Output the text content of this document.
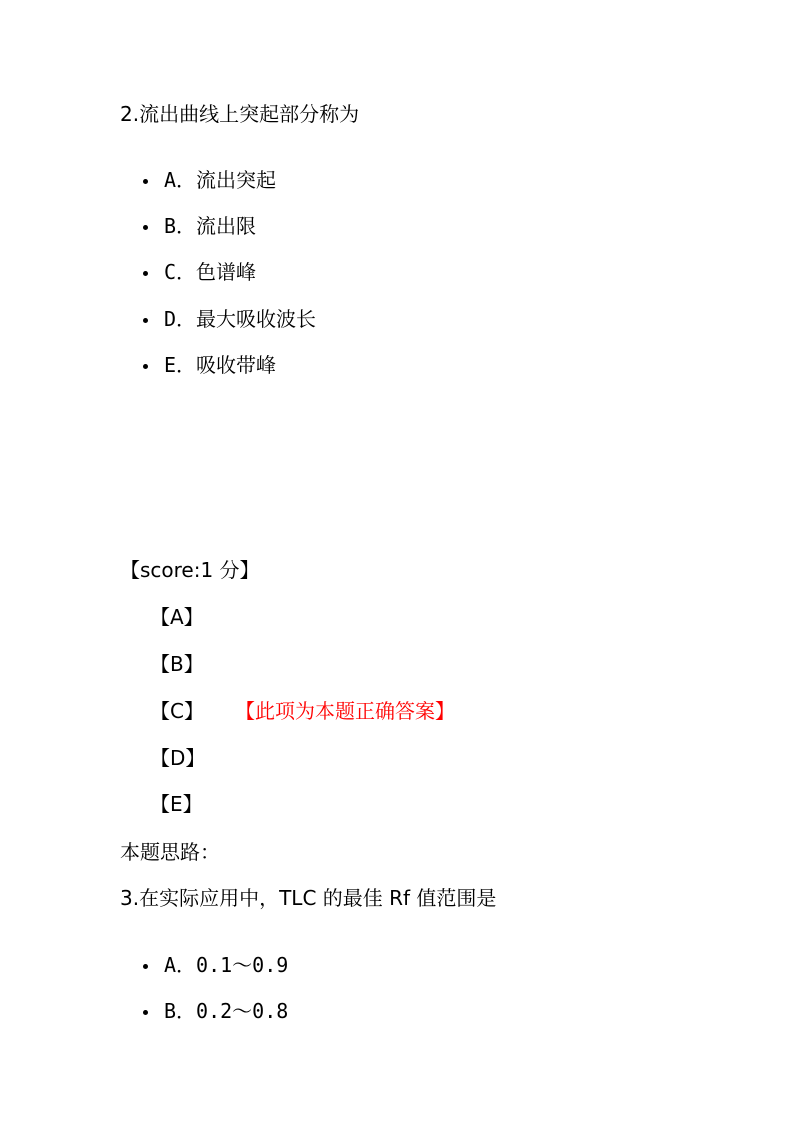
2.流出曲线上突起部分称为
A．流出突起
B．流出限
C．色谱峰
D．最大吸收波长
E．吸收带峰
【score:1 分】
【A】
【B】
【C】 【此项为本题正确答案】
【D】
【E】
本题思路：
3.在实际应用中，TLC 的最佳 Rf 值范围是
A．0.1～0.9
B．0.2～0.8
